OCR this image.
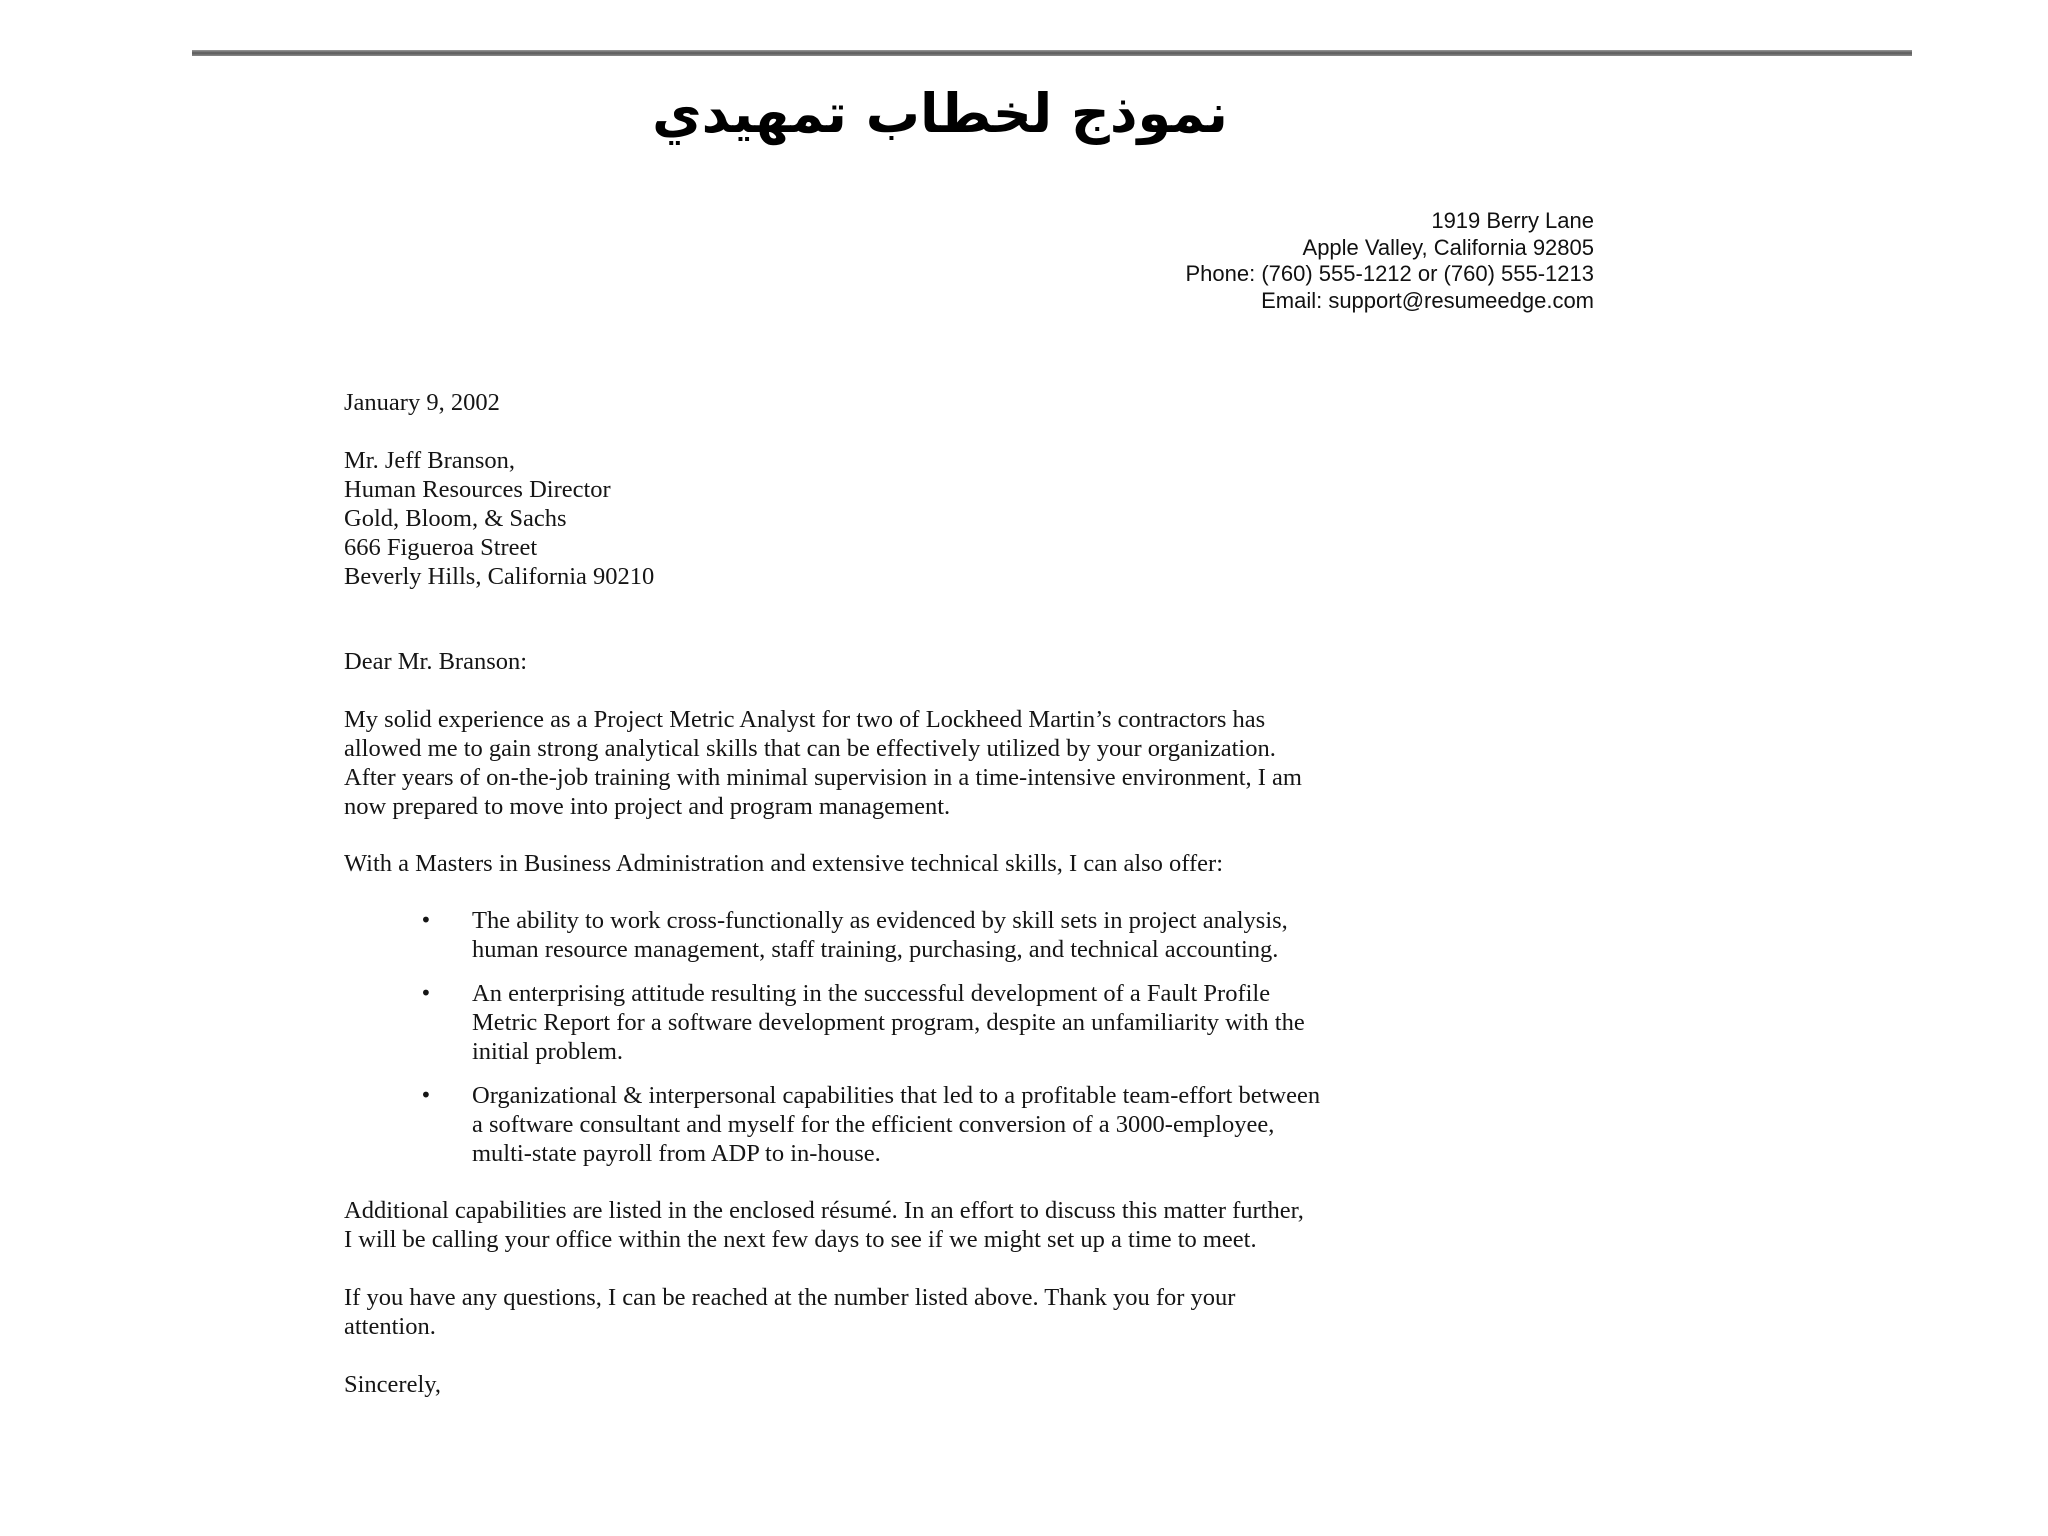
نموذج لخطاب تمهيدي
1919 Berry Lane
Apple Valley, California 92805
Phone: (760) 555-1212 or (760) 555-1213
Email: support@resumeedge.com
January 9, 2002
Mr. Jeff Branson,
Human Resources Director
Gold, Bloom, & Sachs
666 Figueroa Street
Beverly Hills, California 90210
Dear Mr. Branson:
My solid experience as a Project Metric Analyst for two of Lockheed Martin’s contractors has
allowed me to gain strong analytical skills that can be effectively utilized by your organization.
After years of on-the-job training with minimal supervision in a time-intensive environment, I am
now prepared to move into project and program management.
With a Masters in Business Administration and extensive technical skills, I can also offer:
• The ability to work cross-functionally as evidenced by skill sets in project analysis,
human resource management, staff training, purchasing, and technical accounting.
• An enterprising attitude resulting in the successful development of a Fault Profile
Metric Report for a software development program, despite an unfamiliarity with the
initial problem.
• Organizational & interpersonal capabilities that led to a profitable team-effort between
a software consultant and myself for the efficient conversion of a 3000-employee,
multi-state payroll from ADP to in-house.
Additional capabilities are listed in the enclosed résumé. In an effort to discuss this matter further,
I will be calling your office within the next few days to see if we might set up a time to meet.
If you have any questions, I can be reached at the number listed above. Thank you for your
attention.
Sincerely,
